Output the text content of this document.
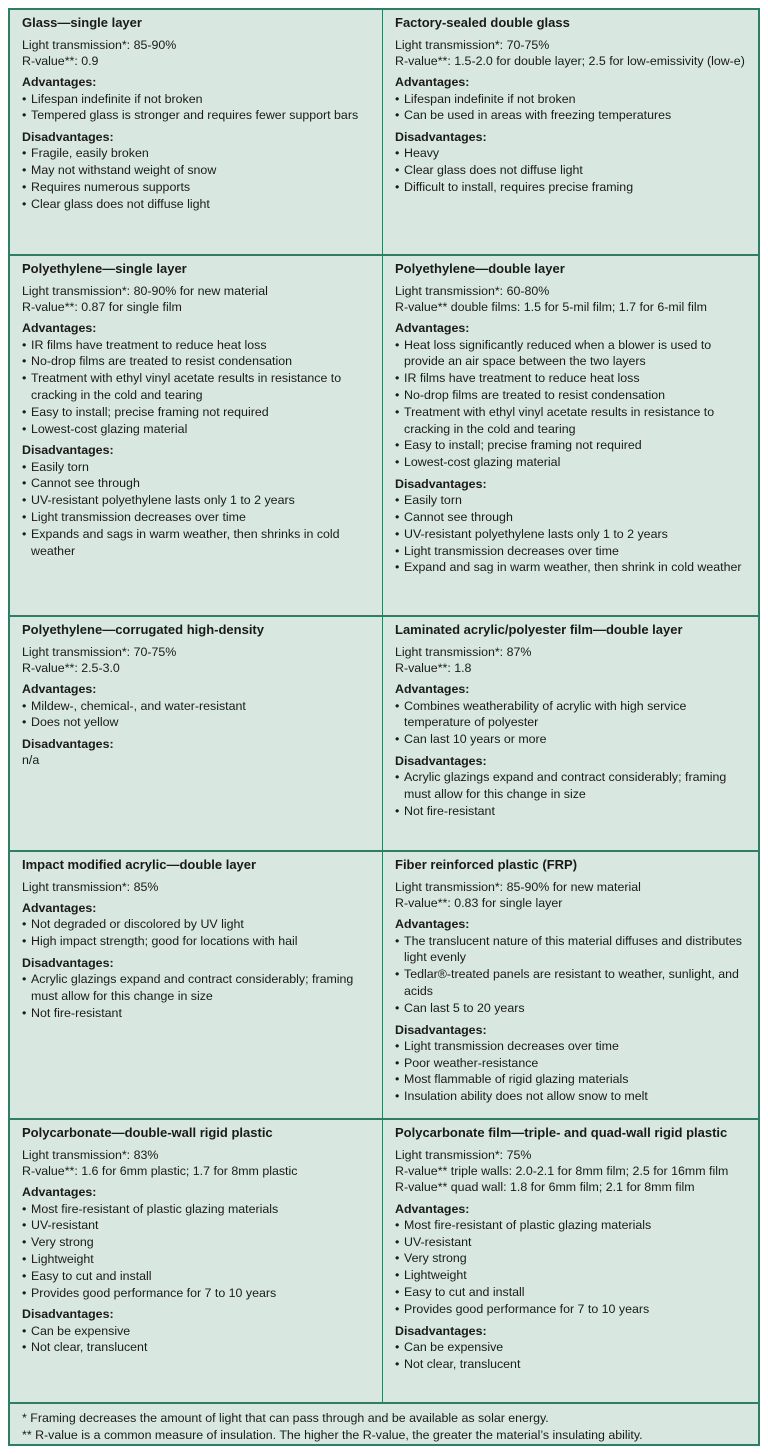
Glass—single layer

Light transmission*: 85-90%

R-value**: 0.9

Advantages:

• Lifespan indefinite if not broken
• Tempered glass is stronger and requires fewer support bars

Disadvantages:

• Fragile, easily broken
• May not withstand weight of snow
• Requires numerous supports
• Clear glass does not diffuse light
Factory-sealed double glass

Light transmission*: 70-75%

R-value**: 1.5-2.0 for double layer; 2.5 for low-emissivity (low-e)

Advantages:

• Lifespan indefinite if not broken
• Can be used in areas with freezing temperatures

Disadvantages:

• Heavy
• Clear glass does not diffuse light
• Difficult to install, requires precise framing
Polyethylene—single layer

Light transmission*: 80-90% for new material

R-value**: 0.87 for single film

Advantages:

• IR films have treatment to reduce heat loss
• No-drop films are treated to resist condensation
• Treatment with ethyl vinyl acetate results in resistance to cracking in the cold and tearing
• Easy to install; precise framing not required
• Lowest-cost glazing material

Disadvantages:

• Easily torn
• Cannot see through
• UV-resistant polyethylene lasts only 1 to 2 years
• Light transmission decreases over time
• Expands and sags in warm weather, then shrinks in cold weather
Polyethylene—double layer

Light transmission*: 60-80%

R-value** double films: 1.5 for 5-mil film; 1.7 for 6-mil film

Advantages:

• Heat loss significantly reduced when a blower is used to provide an air space between the two layers
• IR films have treatment to reduce heat loss
• No-drop films are treated to resist condensation
• Treatment with ethyl vinyl acetate results in resistance to cracking in the cold and tearing
• Easy to install; precise framing not required
• Lowest-cost glazing material

Disadvantages:

• Easily torn
• Cannot see through
• UV-resistant polyethylene lasts only 1 to 2 years
• Light transmission decreases over time
• Expand and sag in warm weather, then shrink in cold weather
Polyethylene—corrugated high-density

Light transmission*: 70-75%

R-value**: 2.5-3.0

Advantages:

• Mildew-, chemical-, and water-resistant
• Does not yellow

Disadvantages:

n/a

Laminated acrylic/polyester film—double layer

Light transmission*: 87%

R-value**: 1.8

Advantages:

• Combines weatherability of acrylic with high service temperature of polyester
• Can last 10 years or more

Disadvantages:

• Acrylic glazings expand and contract considerably; framing must allow for this change in size
• Not fire-resistant
Impact modified acrylic—double layer

Light transmission*: 85%

Advantages:

• Not degraded or discolored by UV light
• High impact strength; good for locations with hail

Disadvantages:

• Acrylic glazings expand and contract considerably; framing must allow for this change in size
• Not fire-resistant
Fiber reinforced plastic (FRP)

Light transmission*: 85-90% for new material

R-value**: 0.83 for single layer

Advantages:

• The translucent nature of this material diffuses and distributes light evenly
• Tedlar®-treated panels are resistant to weather, sunlight, and acids
• Can last 5 to 20 years

Disadvantages:

• Light transmission decreases over time
• Poor weather-resistance
• Most flammable of rigid glazing materials
• Insulation ability does not allow snow to melt
Polycarbonate—double-wall rigid plastic

Light transmission*: 83%

R-value**: 1.6 for 6mm plastic; 1.7 for 8mm plastic

Advantages:

• Most fire-resistant of plastic glazing materials
• UV-resistant
• Very strong
• Lightweight
• Easy to cut and install
• Provides good performance for 7 to 10 years

Disadvantages:

• Can be expensive
• Not clear, translucent
Polycarbonate film—triple- and quad-wall rigid plastic

Light transmission*: 75%

R-value** triple walls: 2.0-2.1 for 8mm film; 2.5 for 16mm film

R-value** quad wall: 1.8 for 6mm film; 2.1 for 8mm film

Advantages:

• Most fire-resistant of plastic glazing materials
• UV-resistant
• Very strong
• Lightweight
• Easy to cut and install
• Provides good performance for 7 to 10 years

Disadvantages:

• Can be expensive
• Not clear, translucent

* Framing decreases the amount of light that can pass through and be available as solar energy.

** R-value is a common measure of insulation. The higher the R-value, the greater the material’s insulating ability.
